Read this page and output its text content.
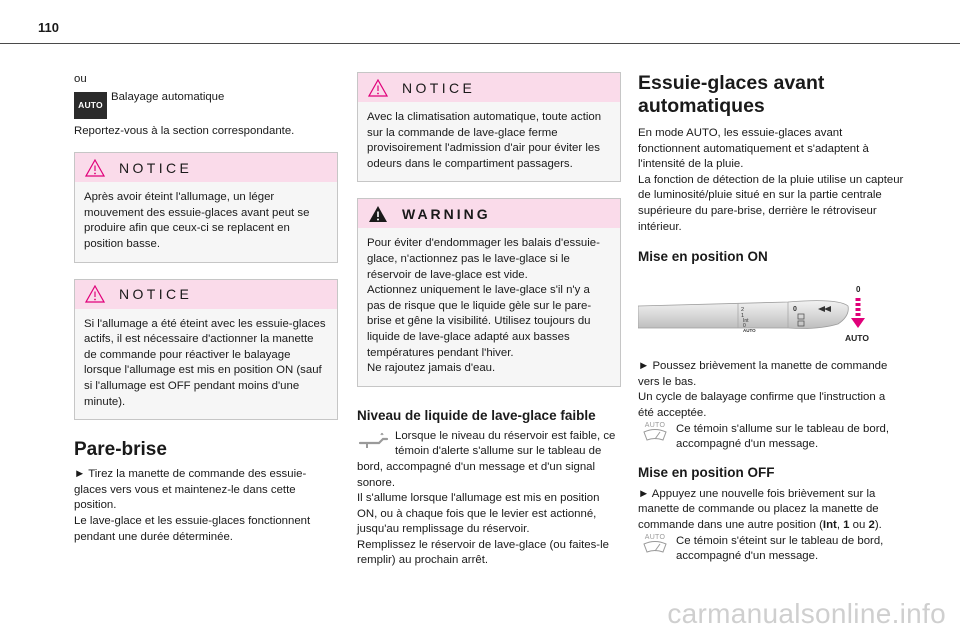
110
ou
AUTO
Balayage automatique
Reportez-vous à la section correspondante.
NOTICE
Après avoir éteint l'allumage, un léger mouvement des essuie-glaces avant peut se produire afin que ceux-ci se replacent en position basse.
NOTICE
Si l'allumage a été éteint avec les essuie-glaces actifs, il est nécessaire d'actionner la manette de commande pour réactiver le balayage lorsque l'allumage est mis en position ON (sauf si l'allumage est OFF pendant moins d'une minute).
Pare-brise
► Tirez la manette de commande des essuie-glaces vers vous et maintenez-le dans cette position.
Le lave-glace et les essuie-glaces fonctionnent pendant une durée déterminée.
NOTICE
Avec la climatisation automatique, toute action sur la commande de lave-glace ferme provisoirement l'admission d'air pour éviter les odeurs dans le compartiment passagers.
WARNING
Pour éviter d'endommager les balais d'essuie-glace, n'actionnez pas le lave-glace si le réservoir de lave-glace est vide.
Actionnez uniquement le lave-glace s'il n'y a pas de risque que le liquide gèle sur le pare-brise et gêne la visibilité. Utilisez toujours du liquide de lave-glace adapté aux basses températures pendant l'hiver.
Ne rajoutez jamais d'eau.
Niveau de liquide de lave-glace faible
Lorsque le niveau du réservoir est faible, ce témoin d'alerte s'allume sur le tableau de bord, accompagné d'un message et d'un signal sonore.
Il s'allume lorsque l'allumage est mis en position ON, ou à chaque fois que le levier est actionné, jusqu'au remplissage du réservoir.
Remplissez le réservoir de lave-glace (ou faites-le remplir) au prochain arrêt.
Essuie-glaces avant automatiques
En mode AUTO, les essuie-glaces avant fonctionnent automatiquement et s'adaptent à l'intensité de la pluie.
La fonction de détection de la pluie utilise un capteur de luminosité/pluie situé en sur la partie centrale supérieure du pare-brise, derrière le rétroviseur intérieur.
Mise en position ON
2
1
Int
0
AUTO
0
0
AUTO
► Poussez brièvement la manette de commande vers le bas.
Un cycle de balayage confirme que l'instruction a été acceptée.
AUTO Ce témoin s'allume sur le tableau de bord, accompagné d'un message.
Mise en position OFF
► Appuyez une nouvelle fois brièvement sur la manette de commande ou placez la manette de commande dans une autre position (Int, 1 ou 2).
AUTO Ce témoin s'éteint sur le tableau de bord, accompagné d'un message.
carmanualsonline.info
